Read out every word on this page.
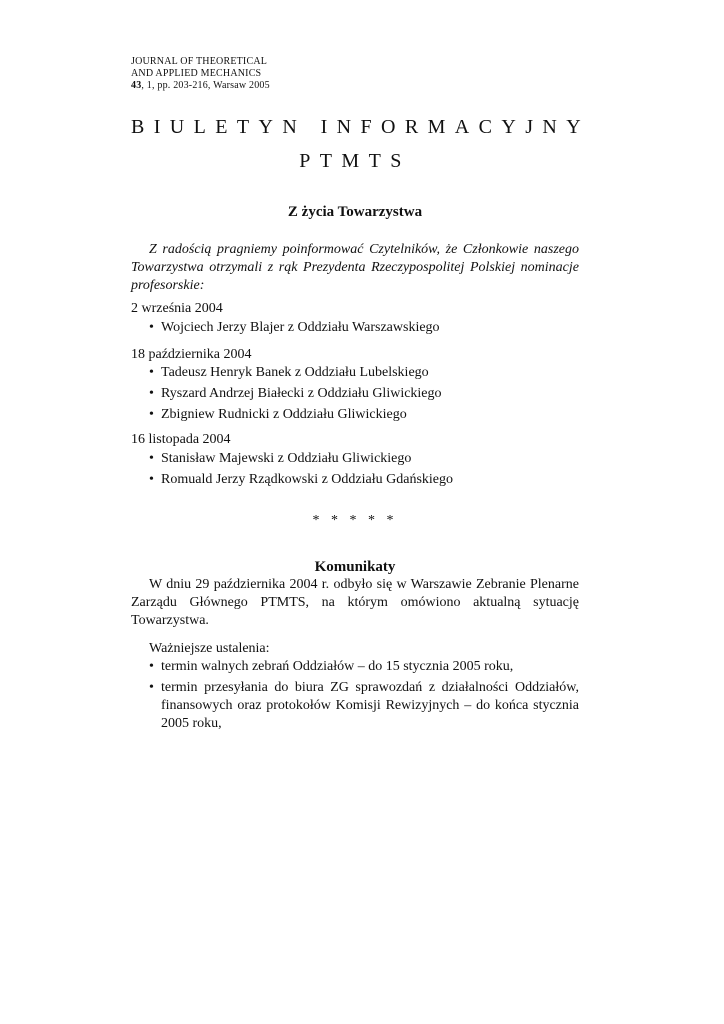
JOURNAL OF THEORETICAL
AND APPLIED MECHANICS
43, 1, pp. 203-216, Warsaw 2005
BIULETYN INFORMACYJNY
PTMTS
Z życia Towarzystwa
Z radością pragniemy poinformować Czytelników, że Członkowie naszego Towarzystwa otrzymali z rąk Prezydenta Rzeczypospolitej Polskiej nominacje profesorskie:
2 września 2004
• Wojciech Jerzy Blajer z Oddziału Warszawskiego
18 października 2004
• Tadeusz Henryk Banek z Oddziału Lubelskiego
• Ryszard Andrzej Białecki z Oddziału Gliwickiego
• Zbigniew Rudnicki z Oddziału Gliwickiego
16 listopada 2004
• Stanisław Majewski z Oddziału Gliwickiego
• Romuald Jerzy Rządkowski z Oddziału Gdańskiego
* * * * *
Komunikaty
W dniu 29 października 2004 r. odbyło się w Warszawie Zebranie Plenarne Zarządu Głównego PTMTS, na którym omówiono aktualną sytuację Towarzystwa.
Ważniejsze ustalenia:
• termin walnych zebrań Oddziałów – do 15 stycznia 2005 roku,
• termin przesyłania do biura ZG sprawozdań z działalności Oddziałów, finansowych oraz protokołów Komisji Rewizyjnych – do końca stycznia 2005 roku,
